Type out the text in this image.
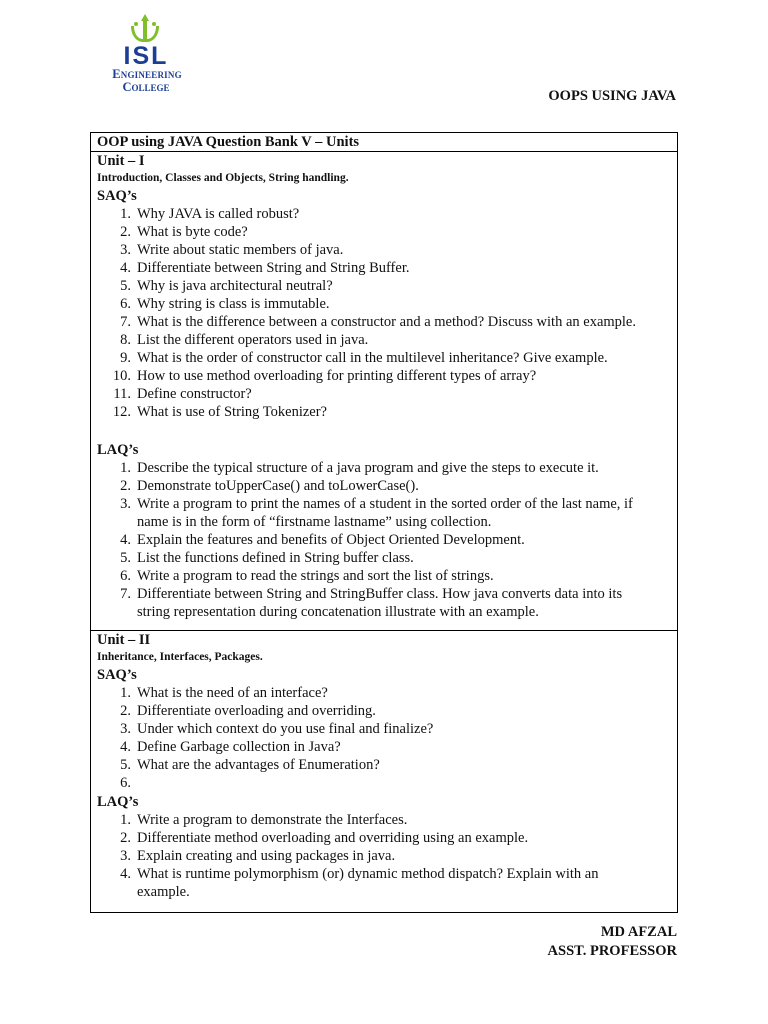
ISL
Engineering
College
OOPS USING JAVA
OOP using JAVA Question Bank V – Units
Unit – I
Introduction, Classes and Objects, String handling.
SAQ’s
1. Why JAVA is called robust?
2. What is byte code?
3. Write about static members of java.
4. Differentiate between String and String Buffer.
5. Why is java architectural neutral?
6. Why string is class is immutable.
7. What is the difference between a constructor and a method? Discuss with an example.
8. List the different operators used in java.
9. What is the order of constructor call in the multilevel inheritance? Give example.
10. How to use method overloading for printing different types of array?
11. Define constructor?
12. What is use of String Tokenizer?
LAQ’s
1. Describe the typical structure of a java program and give the steps to execute it.
2. Demonstrate toUpperCase() and toLowerCase().
3. Write a program to print the names of a student in the sorted order of the last name, if
name is in the form of “firstname lastname” using collection.
4. Explain the features and benefits of Object Oriented Development.
5. List the functions defined in String buffer class.
6. Write a program to read the strings and sort the list of strings.
7. Differentiate between String and StringBuffer class. How java converts data into its
string representation during concatenation illustrate with an example.
Unit – II
Inheritance, Interfaces, Packages.
SAQ’s
1. What is the need of an interface?
2. Differentiate overloading and overriding.
3. Under which context do you use final and finalize?
4. Define Garbage collection in Java?
5. What are the advantages of Enumeration?
6.
LAQ’s
1. Write a program to demonstrate the Interfaces.
2. Differentiate method overloading and overriding using an example.
3. Explain creating and using packages in java.
4. What is runtime polymorphism (or) dynamic method dispatch? Explain with an
example.
MD AFZAL
ASST. PROFESSOR
